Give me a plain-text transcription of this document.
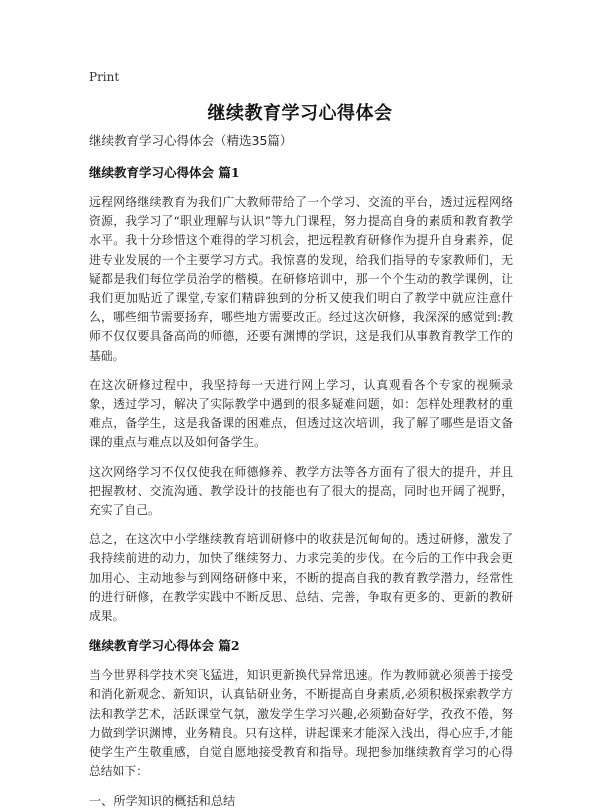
Print
继续教育学习心得体会

继续教育学习心得体会（精选35篇）

继续教育学习心得体会 篇1

远程网络继续教育为我们广大教师带给了一个学习、交流的平台，透过远程网络资源，我学习了“职业理解与认识”等九门课程，努力提高自身的素质和教育教学水平。我十分珍惜这个难得的学习机会，把远程教育研修作为提升自身素养，促进专业发展的一个主要学习方式。我惊喜的发现，给我们指导的专家教师们，无疑都是我们每位学员治学的楷模。在研修培训中，那一个个生动的教学课例，让我们更加贴近了课堂,专家们精辟独到的分析又使我们明白了教学中就应注意什么，哪些细节需要扬弃，哪些地方需要改正。经过这次研修，我深深的感觉到:教师不仅仅要具备高尚的师德，还要有渊博的学识，这是我们从事教育教学工作的基础。

在这次研修过程中，我坚持每一天进行网上学习，认真观看各个专家的视频录象，透过学习，解决了实际教学中遇到的很多疑难问题，如：怎样处理教材的重难点，备学生，这是我备课的困难点，但透过这次培训，我了解了哪些是语文备课的重点与难点以及如何备学生。

这次网络学习不仅仅使我在师德修养、教学方法等各方面有了很大的提升，并且把握教材、交流沟通、教学设计的技能也有了很大的提高，同时也开阔了视野，充实了自己。

总之，在这次中小学继续教育培训研修中的收获是沉甸甸的。透过研修，激发了我持续前进的动力，加快了继续努力、力求完美的步伐。在今后的工作中我会更加用心、主动地参与到网络研修中来，不断的提高自我的教育教学潜力，经常性的进行研修，在教学实践中不断反思、总结、完善，争取有更多的、更新的教研成果。

继续教育学习心得体会 篇2

当今世界科学技术突飞猛进，知识更新换代异常迅速。作为教师就必须善于接受和消化新观念、新知识，认真钻研业务，不断提高自身素质,必须积极探索教学方法和教学艺术，活跃课堂气氛，激发学生学习兴趣,必须勤奋好学，孜孜不倦，努力做到学识渊博，业务精良。只有这样，讲起课来才能深入浅出，得心应手,才能使学生产生敬重感，自觉自愿地接受教育和指导。现把参加继续教育学习的心得总结如下：

一、所学知识的概括和总结
